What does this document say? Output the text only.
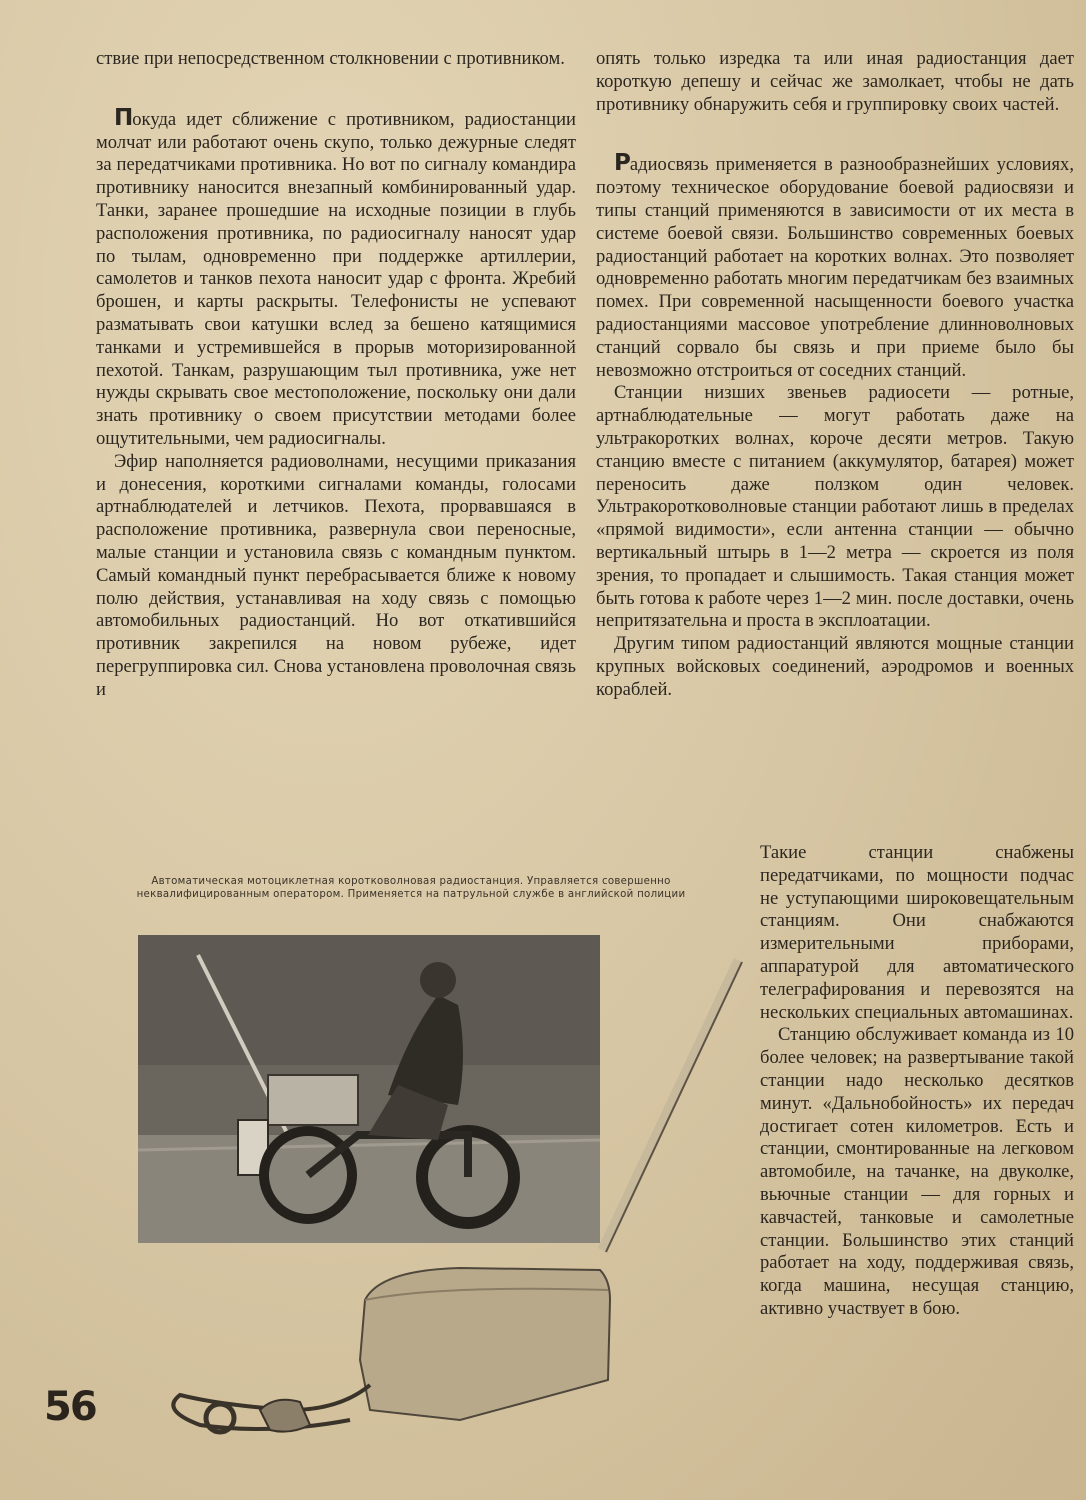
ствие при непосредственном столкновении с противником.

Покуда идет сближение с противником, радиостанции молчат или работают очень скупо, только дежурные следят за передатчиками противника. Но вот по сигналу командира противнику наносится внезапный комбинированный удар. Танки, заранее прошедшие на исходные позиции в глубь расположения противника, по радиосигналу наносят удар по тылам, одновременно при поддержке артиллерии, самолетов и танков пехота наносит удар с фронта. Жребий брошен, и карты раскрыты. Телефонисты не успевают разматывать свои катушки вслед за бешено катящимися танками и устремившейся в прорыв моторизированной пехотой. Танкам, разрушающим тыл противника, уже нет нужды скрывать свое местоположение, поскольку они дали знать противнику о своем присутствии методами более ощутительными, чем радиосигналы.

Эфир наполняется радиоволнами, несущими приказания и донесения, короткими сигналами команды, голосами артнаблюдателей и летчиков. Пехота, прорвавшаяся в расположение противника, развернула свои переносные, малые станции и установила связь с командным пунктом. Самый командный пункт перебрасывается ближе к новому полю действия, устанавливая на ходу связь с помощью автомобильных радиостанций. Но вот откатившийся противник закрепился на новом рубеже, идет перегруппировка сил. Снова установлена проволочная связь и

опять только изредка та или иная радиостанция дает короткую депешу и сейчас же замолкает, чтобы не дать противнику обнаружить себя и группировку своих частей.

Радиосвязь применяется в разнообразнейших условиях, поэтому техническое оборудование боевой радиосвязи и типы станций применяются в зависимости от их места в системе боевой связи. Большинство современных боевых радиостанций работает на коротких волнах. Это позволяет одновременно работать многим передатчикам без взаимных помех. При современной насыщенности боевого участка радиостанциями массовое употребление длинноволновых станций сорвало бы связь и при приеме было бы невозможно отстроиться от соседних станций.

Станции низших звеньев радиосети — ротные, артнаблюдательные — могут работать даже на ультракоротких волнах, короче десяти метров. Такую станцию вместе с питанием (аккумулятор, батарея) может переносить даже ползком один человек. Ультракоротковолновые станции работают лишь в пределах «прямой видимости», если антенна станции — обычно вертикальный штырь в 1—2 метра — скроется из поля зрения, то пропадает и слышимость. Такая станция может быть готова к работе через 1—2 мин. после доставки, очень непритязательна и проста в эксплоатации.

Другим типом радиостанций являются мощные станции крупных войсковых соединений, аэродромов и военных кораблей.

Автоматическая мотоциклетная коротковолновая радиостанция. Управляется совершенно неквалифицированным оператором. Применяется на патрульной службе в английской полиции

Такие станции снабжены передатчиками, по мощности подчас не уступающими широковещательным станциям. Они снабжаются измерительными приборами, аппаратурой для автоматического телеграфирования и перевозятся на нескольких специальных автомашинах.

Станцию обслуживает команда из 10 более человек; на развертывание такой станции надо несколько десятков минут. «Дальнобойность» их передач достигает сотен километров. Есть и станции, смонтированные на легковом автомобиле, на тачанке, на двуколке, вьючные станции — для горных и кавчастей, танковые и самолетные станции. Большинство этих станций работает на ходу, поддерживая связь, когда машина, несущая станцию, активно участвует в бою.

56
